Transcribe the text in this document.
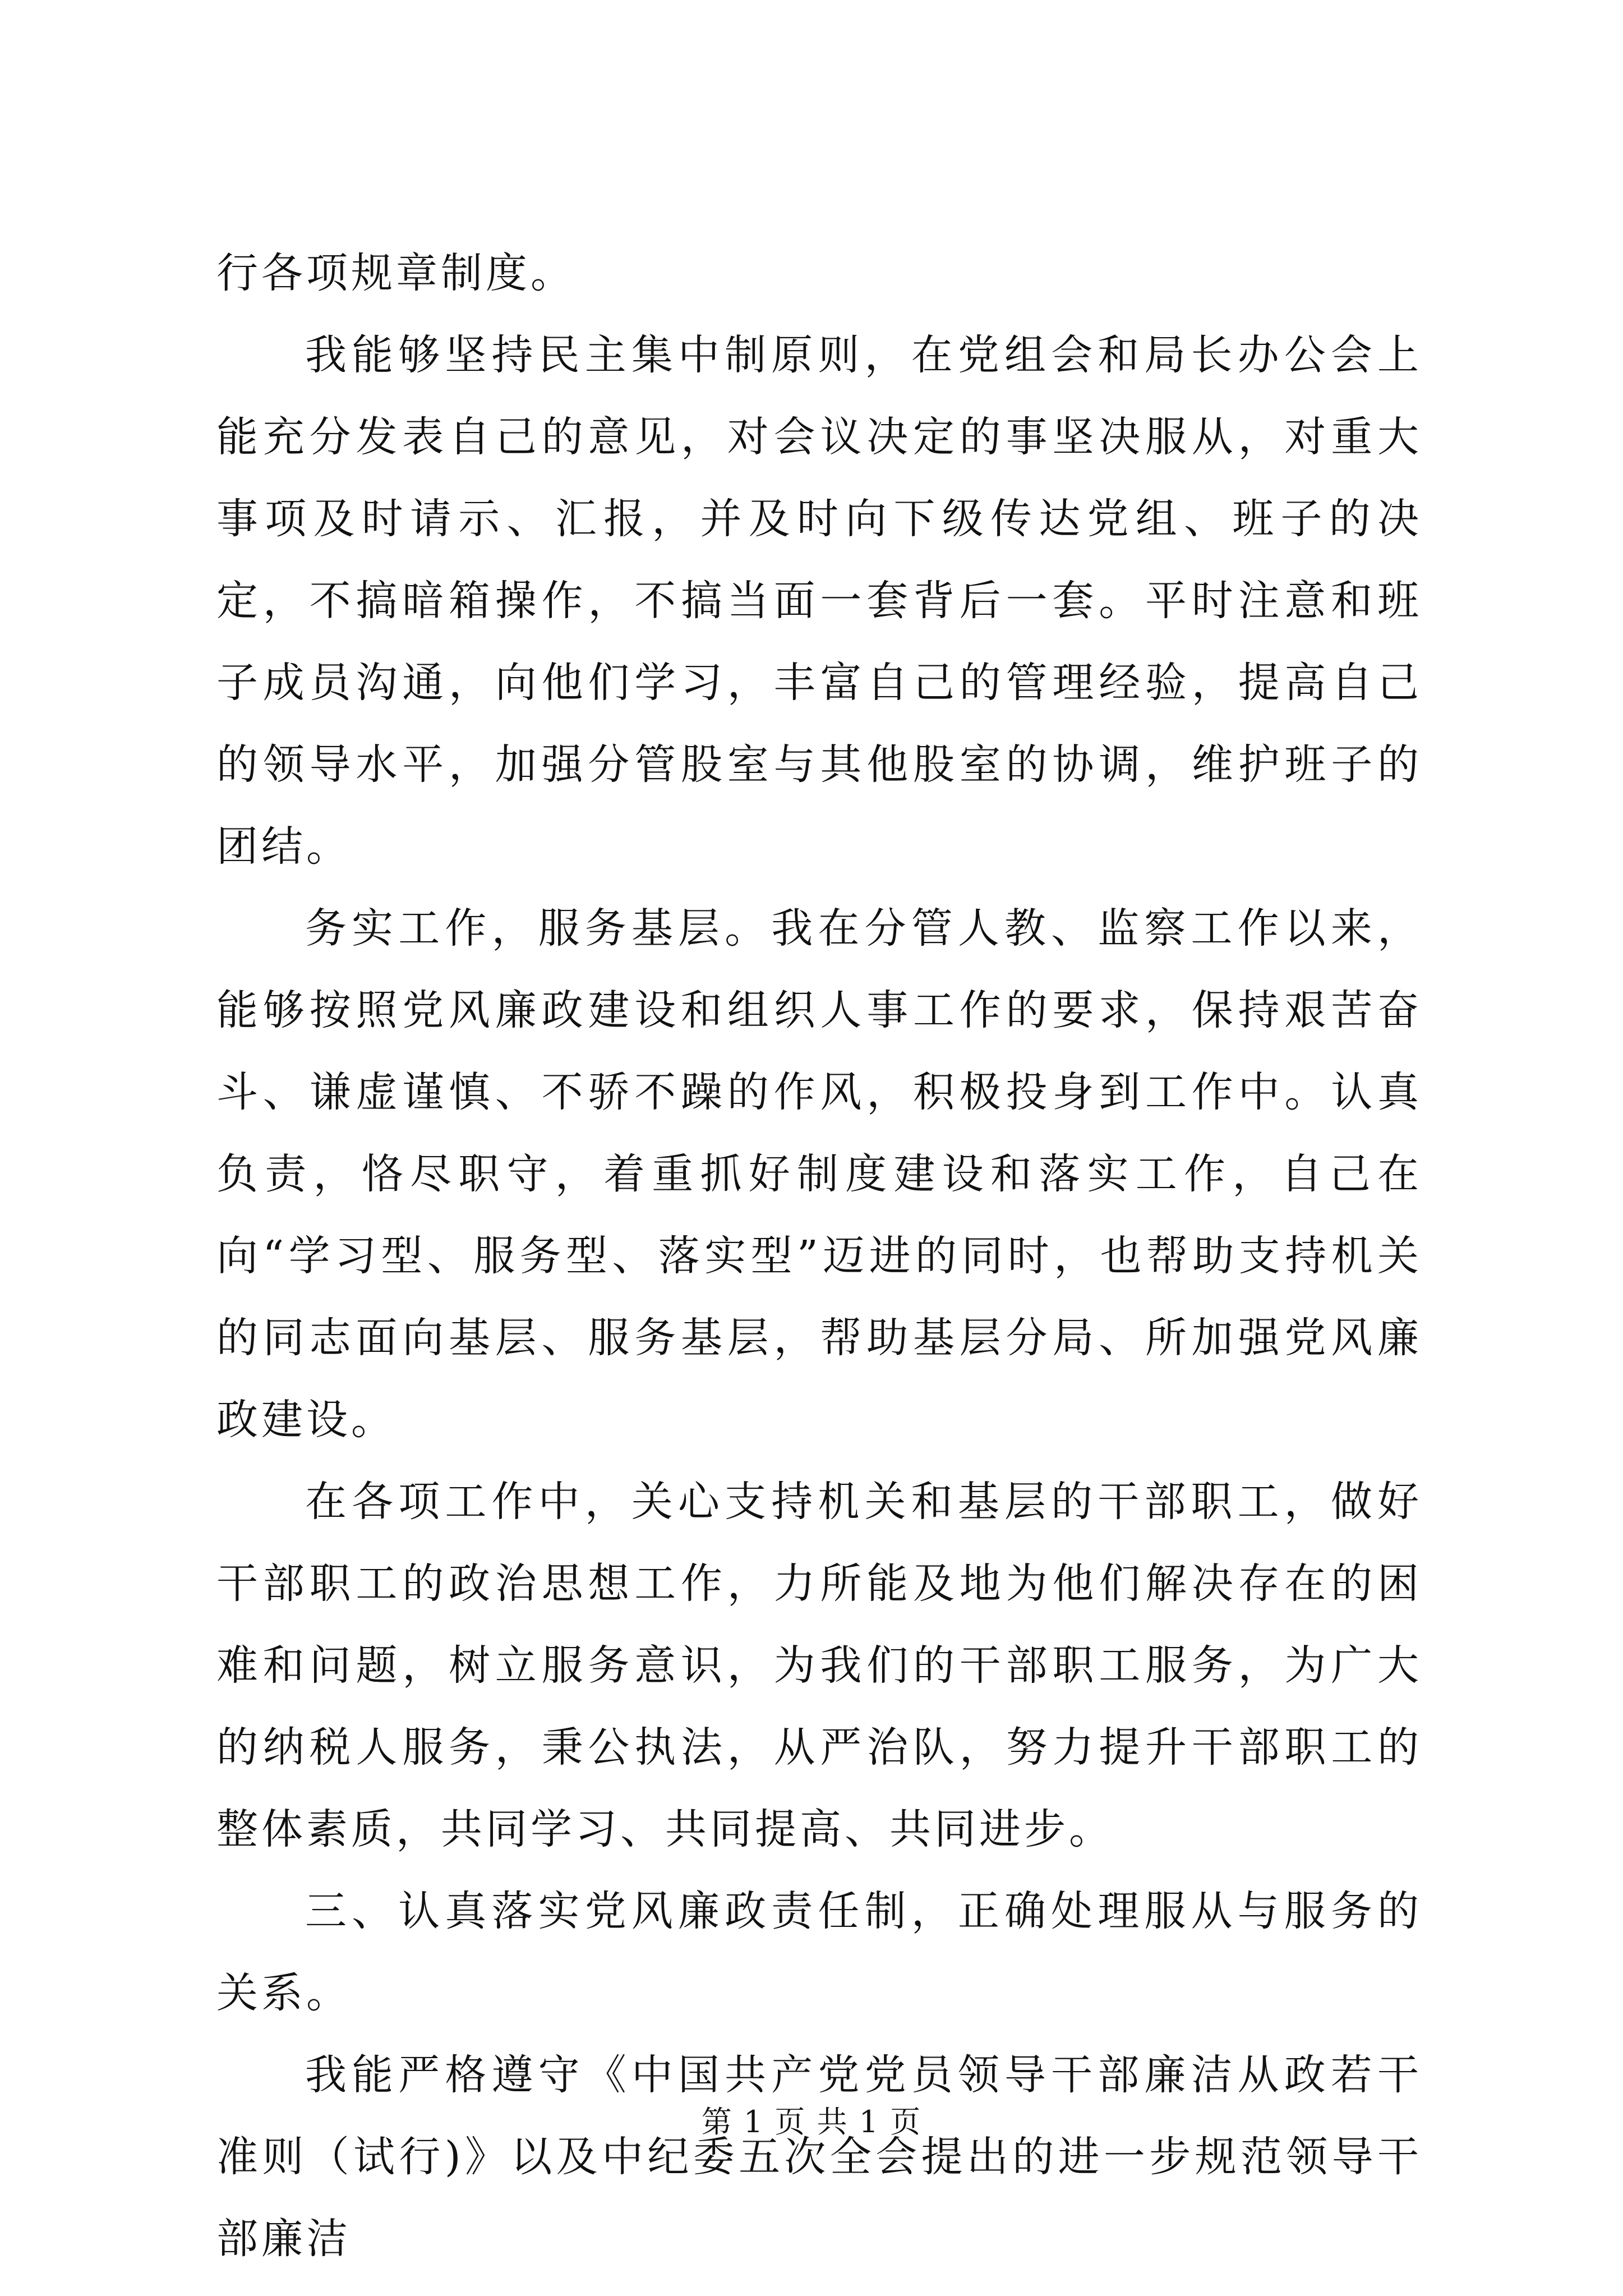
行各项规章制度。

我能够坚持民主集中制原则，在党组会和局长办公会上能充分发表自己的意见，对会议决定的事坚决服从，对重大事项及时请示、汇报，并及时向下级传达党组、班子的决定，不搞暗箱操作，不搞当面一套背后一套。平时注意和班子成员沟通，向他们学习，丰富自己的管理经验，提高自己的领导水平，加强分管股室与其他股室的协调，维护班子的团结。

务实工作，服务基层。我在分管人教、监察工作以来，能够按照党风廉政建设和组织人事工作的要求，保持艰苦奋斗、谦虚谨慎、不骄不躁的作风，积极投身到工作中。认真负责，恪尽职守，着重抓好制度建设和落实工作，自己在向“学习型、服务型、落实型”迈进的同时，也帮助支持机关的同志面向基层、服务基层，帮助基层分局、所加强党风廉政建设。

在各项工作中，关心支持机关和基层的干部职工，做好干部职工的政治思想工作，力所能及地为他们解决存在的困难和问题，树立服务意识，为我们的干部职工服务，为广大的纳税人服务，秉公执法，从严治队，努力提升干部职工的整体素质，共同学习、共同提高、共同进步。

三、认真落实党风廉政责任制，正确处理服从与服务的关系。

我能严格遵守《中国共产党党员领导干部廉洁从政若干准则（试行)》以及中纪委五次全会提出的进一步规范领导干部廉洁

第 1 页 共 1 页
